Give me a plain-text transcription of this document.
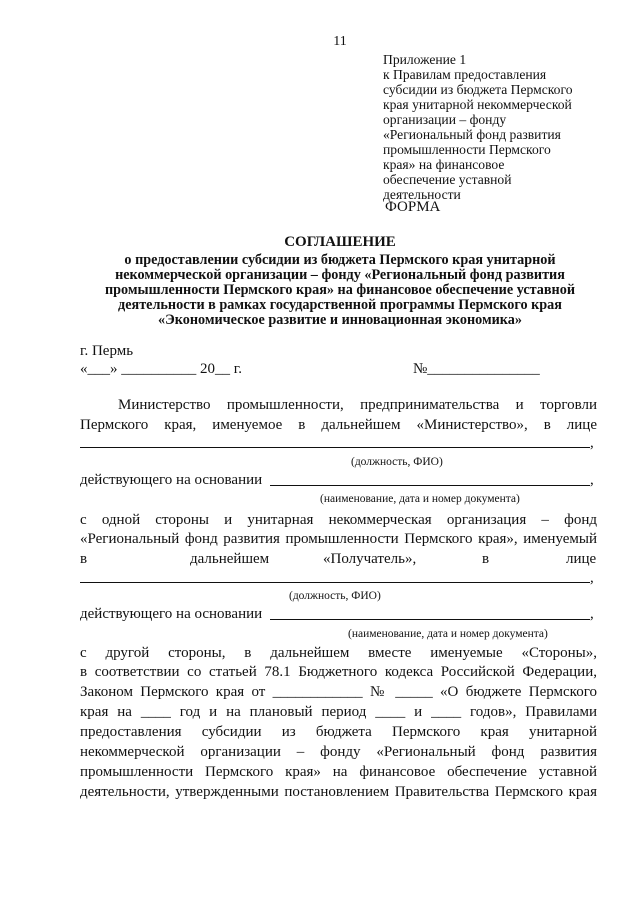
11
Приложение 1
к Правилам предоставления
субсидии из бюджета Пермского
края унитарной некоммерческой
организации – фонду
«Региональный фонд развития
промышленности Пермского
края» на финансовое
обеспечение уставной
деятельности
ФОРМА
СОГЛАШЕНИЕ
о предоставлении субсидии из бюджета Пермского края унитарной
некоммерческой организации – фонду «Региональный фонд развития
промышленности Пермского края» на финансовое обеспечение уставной
деятельности в рамках государственной программы Пермского края
«Экономическое развитие и инновационная экономика»
г. Пермь
«___» __________ 20__ г.	№_______________
Министерство промышленности, предпринимательства и торговли
Пермского края, именуемое в дальнейшем «Министерство», в лице
,
(должность, ФИО)
действующего на основании	,
(наименование, дата и номер документа)
с одной стороны и унитарная некоммерческая организация – фонд
«Региональный фонд развития промышленности Пермского края», именуемый
в	дальнейшем	«Получатель»,	в	лице
,
(должность, ФИО)
действующего на основании	,
(наименование, дата и номер документа)
с другой стороны, в дальнейшем вместе именуемые «Стороны»,
в соответствии со статьей 78.1 Бюджетного кодекса Российской Федерации,
Законом Пермского края от ____________ № _____ «О бюджете Пермского
края на ____ год и на плановый период ____ и ____ годов», Правилами
предоставления субсидии из бюджета Пермского края унитарной
некоммерческой организации – фонду «Региональный фонд развития
промышленности Пермского края» на финансовое обеспечение уставной
деятельности, утвержденными постановлением Правительства Пермского края
